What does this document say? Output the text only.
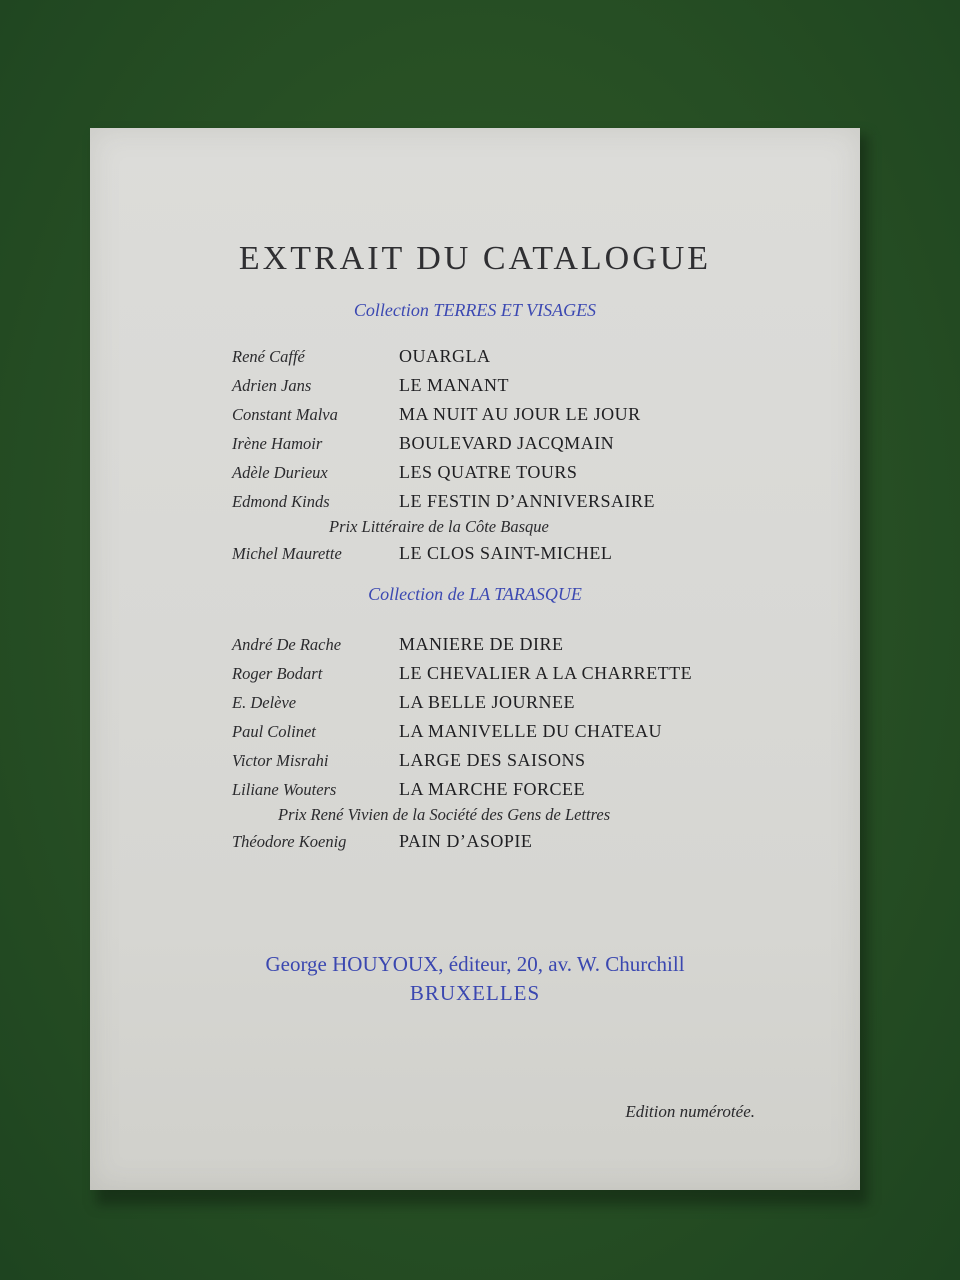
EXTRAIT DU CATALOGUE
Collection TERRES ET VISAGES
René Caffé	OUARGLA
Adrien Jans	LE MANANT
Constant Malva	MA NUIT AU JOUR LE JOUR
Irène Hamoir	BOULEVARD JACQMAIN
Adèle Durieux	LES QUATRE TOURS
Edmond Kinds	LE FESTIN D’ANNIVERSAIRE
Prix Littéraire de la Côte Basque
Michel Maurette	LE CLOS SAINT-MICHEL
Collection de LA TARASQUE
André De Rache	MANIERE DE DIRE
Roger Bodart	LE CHEVALIER A LA CHARRETTE
E. Delève	LA BELLE JOURNEE
Paul Colinet	LA MANIVELLE DU CHATEAU
Victor Misrahi	LARGE DES SAISONS
Liliane Wouters	LA MARCHE FORCEE
Prix René Vivien de la Société des Gens de Lettres
Théodore Koenig	PAIN D’ASOPIE
George HOUYOUX, éditeur, 20, av. W. Churchill
BRUXELLES
Edition numérotée.
